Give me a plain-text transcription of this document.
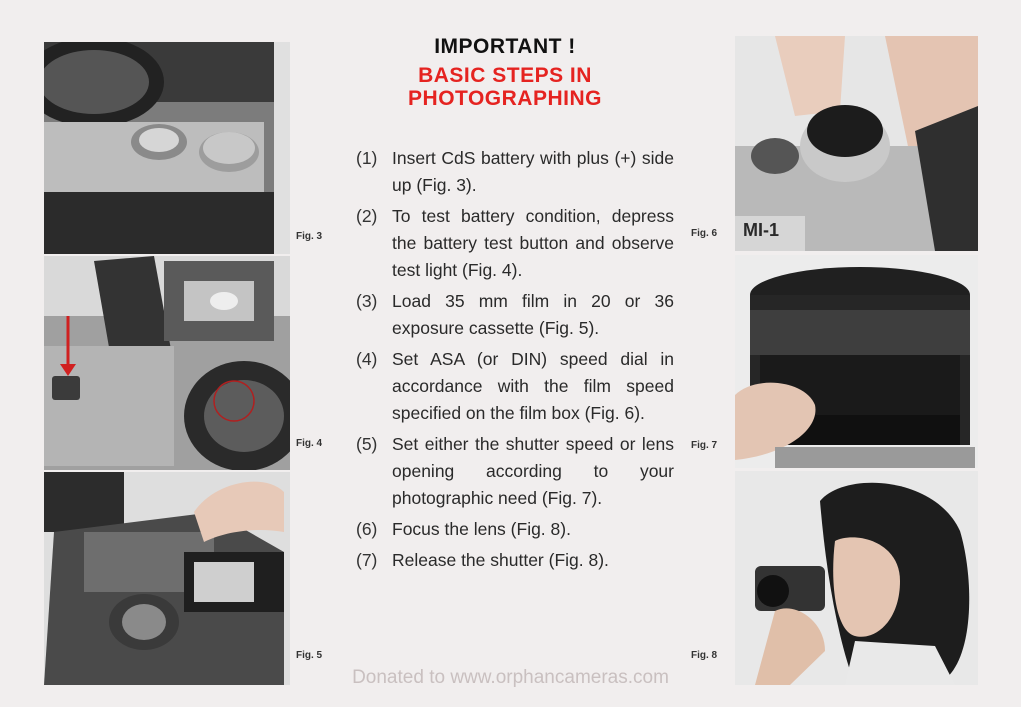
Fig. 3
Fig. 4
Fig. 5
IMPORTANT !
BASIC STEPS IN
PHOTOGRAPHING
(1) Insert CdS battery with plus (+) side up (Fig. 3).
(2) To test battery condition, depress the battery test button and observe test light (Fig. 4).
(3) Load 35 mm film in 20 or 36 exposure cassette (Fig. 5).
(4) Set ASA (or DIN) speed dial in accordance with the film speed specified on the film box (Fig. 6).
(5) Set either the shutter speed or lens opening according to your photographic need (Fig. 7).
(6) Focus the lens (Fig. 8).
(7) Release the shutter (Fig. 8).
Fig. 6 MI-1
Fig. 7
Fig. 8
Donated to www.orphancameras.com
